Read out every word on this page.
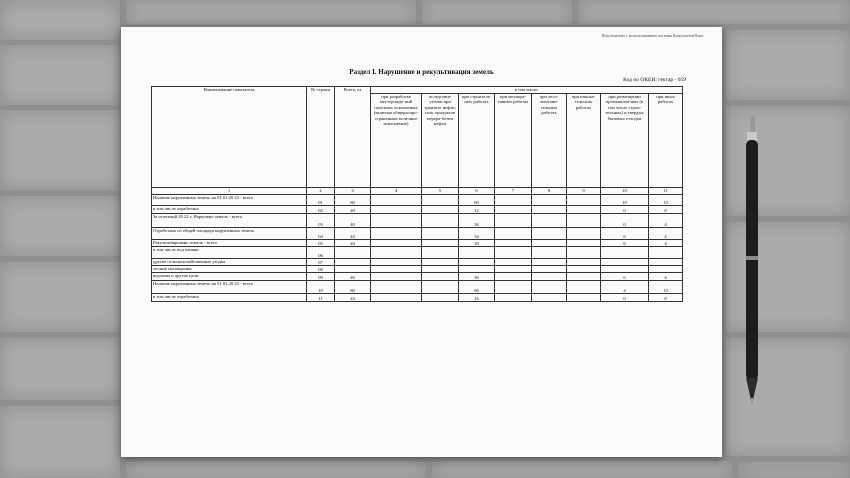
Подготовлено с использованием системы КонсультантПлюс
Раздел I. Нарушение и рекультивация земель
Код по ОКЕИ: гектар - 059
Наименование показателя	№ строки	Всего, га	в том числе:							
			при разработке месторожде-ний полезных ископаемых (включая общераспро-страненные полезные ископаемые)	вследствие утечки при транзите нефти, газа, продуктов перера-ботки нефти	при строитель-ных работах	при мелиора-тивных работах	при лесо-заготови-тельных работах	при изыска-тельских работах	при размещении промышлен-ных (в том числе строи-тельных) и твердых бытовых отходов	при иных работах
1	2	3	4	5	6	7	8	9	10	11
Наличие нарушенных земель на 01.01.20 22 - всего	01	80			60				10	10
в том числе отработано	02	20			12				0	8
За отчетный 20 22 г. Нарушено земель - всего	03	40			36				0	4
Отработано из общей площади нарушенных земель	04	44			34				6	4
Рекультивировано земель - всего	05	40			30				6	4
в том числе под пашню	06									
другие сельскохозяйственные угодья	07									
лесные насаждения	08									
водоемы и другие цели	09	40			30				6	4
Наличие нарушенных земель на 01.01.20 23 - всего	10	80			66				4	10
в том числе отработано	11	24			16				0	8
